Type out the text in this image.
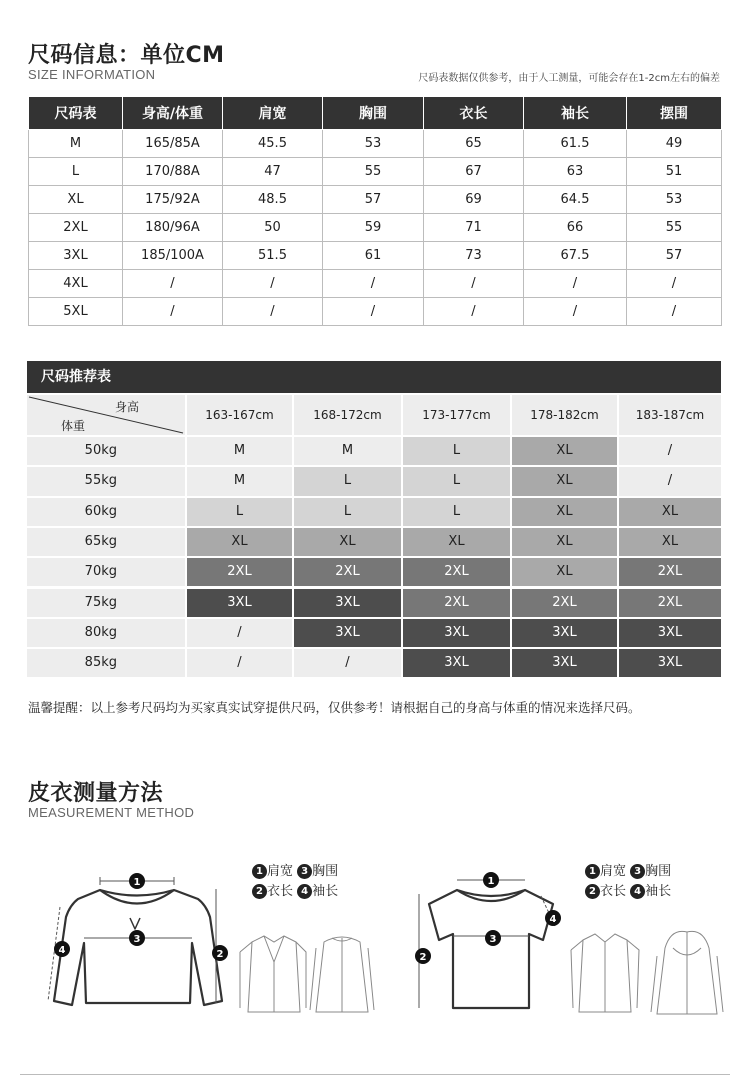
尺码信息：单位CM
SIZE INFORMATION	尺码表数据仅供参考，由于人工测量，可能会存在1-2cm左右的偏差
尺码表	身高/体重	肩宽	胸围	衣长	袖长	摆围
M	165/85A	45.5	53	65	61.5	49
L	170/88A	47	55	67	63	51
XL	175/92A	48.5	57	69	64.5	53
2XL	180/96A	50	59	71	66	55
3XL	185/100A	51.5	61	73	67.5	57
4XL	/	/	/	/	/	/
5XL	/	/	/	/	/	/
尺码推荐表
身高
体重
163-167cm	168-172cm	173-177cm	178-182cm	183-187cm
50kg	M	M	L	XL	/
55kg	M	L	L	XL	/
60kg	L	L	L	XL	XL
65kg	XL	XL	XL	XL	XL
70kg	2XL	2XL	2XL	XL	2XL
75kg	3XL	3XL	2XL	2XL	2XL
80kg	/	3XL	3XL	3XL	3XL
85kg	/	/	3XL	3XL	3XL
温馨提醒：以上参考尺码均为买家真实试穿提供尺码，仅供参考！请根据自己的身高与体重的情况来选择尺码。
皮衣测量方法
MEASUREMENT METHOD
1
3
2
4
1 肩宽 3 胸围
2 衣长 4 袖长
1
3
2
4
1 肩宽 3 胸围
2 衣长 4 袖长
